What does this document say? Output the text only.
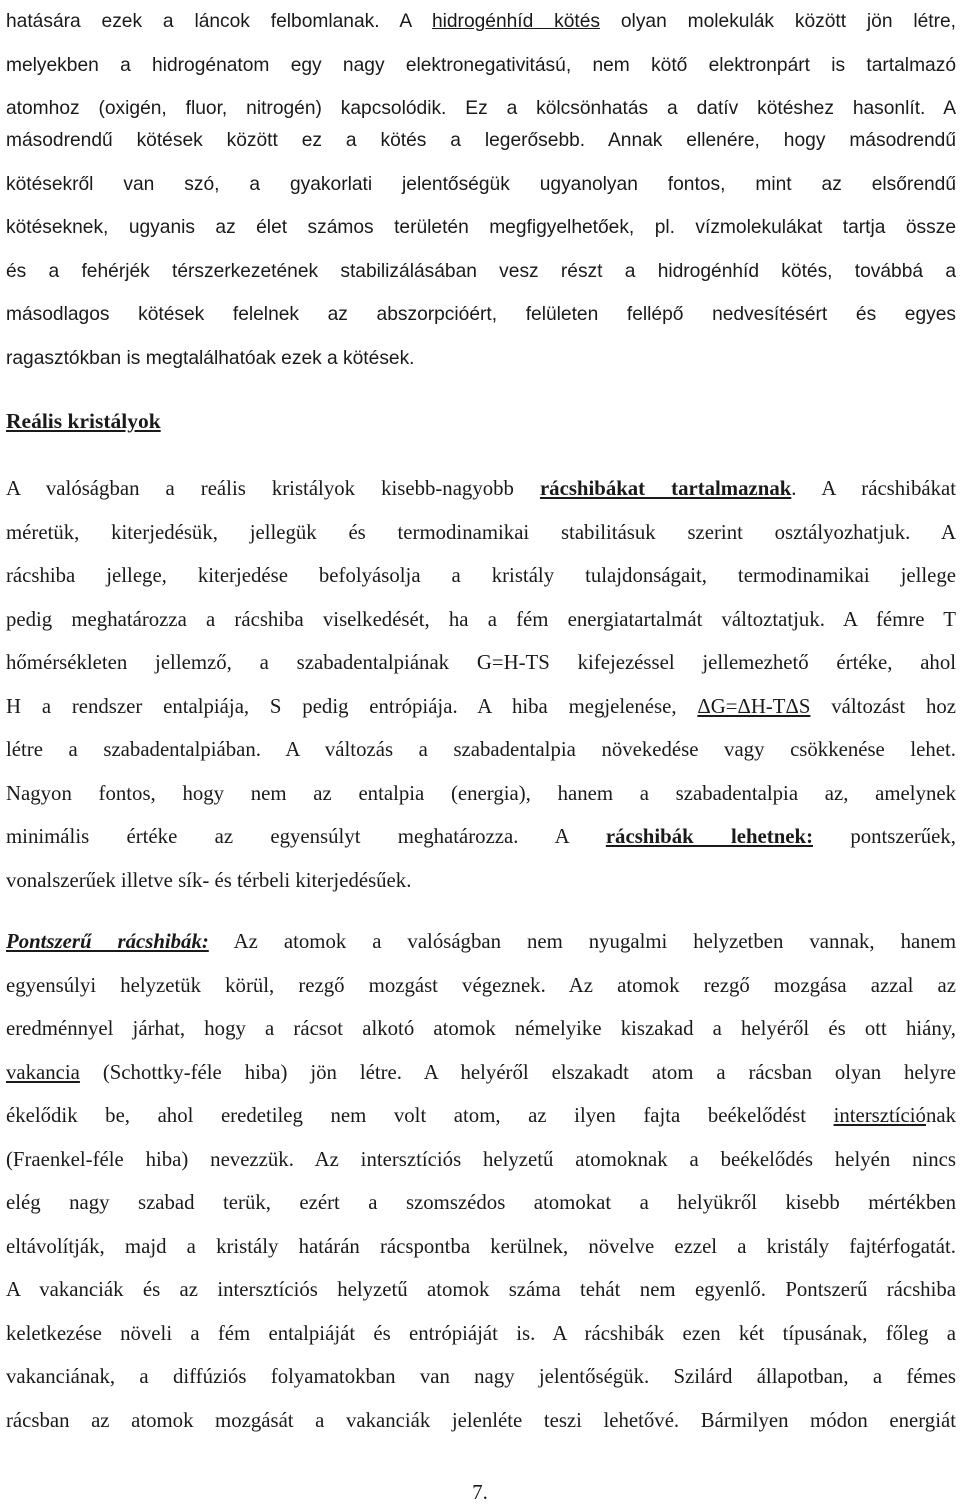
hatására ezek a láncok felbomlanak. A hidrogénhíd kötés olyan molekulák között jön létre,
melyekben a hidrogénatom egy nagy elektronegativitású, nem kötő elektronpárt is tartalmazó
atomhoz (oxigén, fluor, nitrogén) kapcsolódik. Ez a kölcsönhatás a datív kötéshez hasonlít. A
másodrendű kötések között ez a kötés a legerősebb. Annak ellenére, hogy másodrendű
kötésekről van szó, a gyakorlati jelentőségük ugyanolyan fontos, mint az elsőrendű
kötéseknek, ugyanis az élet számos területén megfigyelhetőek, pl. vízmolekulákat tartja össze
és a fehérjék térszerkezetének stabilizálásában vesz részt a hidrogénhíd kötés, továbbá a
másodlagos kötések felelnek az abszorpcióért, felületen fellépő nedvesítésért és egyes
ragasztókban is megtalálhatóak ezek a kötések.
Reális kristályok
A valóságban a reális kristályok kisebb-nagyobb rácshibákat tartalmaznak. A rácshibákat
méretük, kiterjedésük, jellegük és termodinamikai stabilitásuk szerint osztályozhatjuk. A
rácshiba jellege, kiterjedése befolyásolja a kristály tulajdonságait, termodinamikai jellege
pedig meghatározza a rácshiba viselkedését, ha a fém energiatartalmát változtatjuk. A fémre T
hőmérsékleten jellemző, a szabadentalpiának G=H-TS kifejezéssel jellemezhető értéke, ahol
H a rendszer entalpiája, S pedig entrópiája. A hiba megjelenése, ΔG=ΔH-TΔS változást hoz
létre a szabadentalpiában. A változás a szabadentalpia növekedése vagy csökkenése lehet.
Nagyon fontos, hogy nem az entalpia (energia), hanem a szabadentalpia az, amelynek
minimális értéke az egyensúlyt meghatározza. A rácshibák lehetnek: pontszerűek,
vonalszerűek illetve sík- és térbeli kiterjedésűek.
Pontszerű rácshibák: Az atomok a valóságban nem nyugalmi helyzetben vannak, hanem
egyensúlyi helyzetük körül, rezgő mozgást végeznek. Az atomok rezgő mozgása azzal az
eredménnyel járhat, hogy a rácsot alkotó atomok némelyike kiszakad a helyéről és ott hiány,
vakancia (Schottky-féle hiba) jön létre. A helyéről elszakadt atom a rácsban olyan helyre
ékelődik be, ahol eredetileg nem volt atom, az ilyen fajta beékelődést intersztíciónak
(Fraenkel-féle hiba) nevezzük. Az intersztíciós helyzetű atomoknak a beékelődés helyén nincs
elég nagy szabad terük, ezért a szomszédos atomokat a helyükről kisebb mértékben
eltávolítják, majd a kristály határán rácspontba kerülnek, növelve ezzel a kristály fajtérfogatát.
A vakanciák és az intersztíciós helyzetű atomok száma tehát nem egyenlő. Pontszerű rácshiba
keletkezése növeli a fém entalpiáját és entrópiáját is. A rácshibák ezen két típusának, főleg a
vakanciának, a diffúziós folyamatokban van nagy jelentőségük. Szilárd állapotban, a fémes
rácsban az atomok mozgását a vakanciák jelenléte teszi lehetővé. Bármilyen módon energiát
7.
